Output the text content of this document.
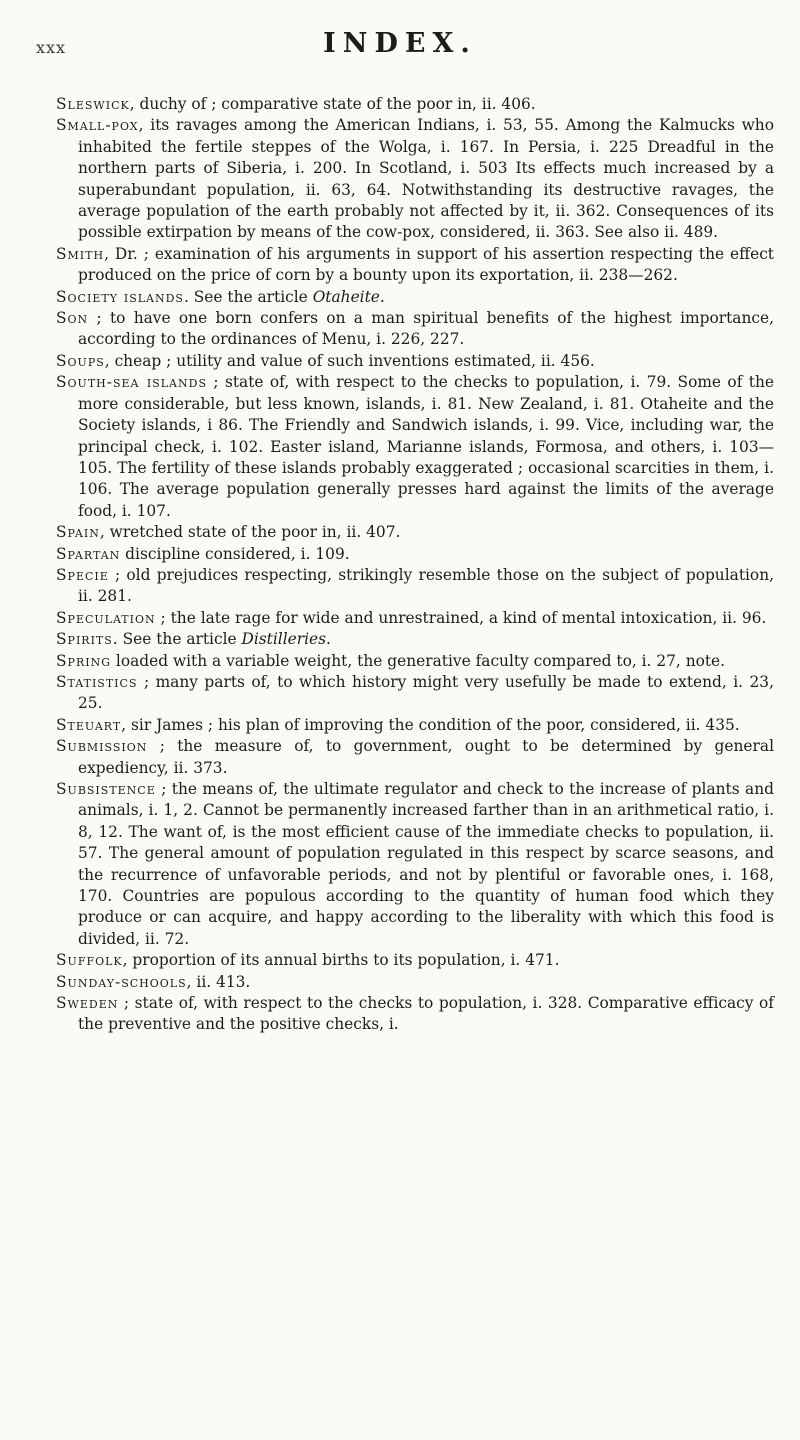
xxx	INDEX.

Sleswick, duchy of ; comparative state of the poor in, ii. 406.

Small-pox, its ravages among the American Indians, i. 53, 55. Among the Kalmucks who inhabited the fertile steppes of the Wolga, i. 167. In Persia, i. 225 Dreadful in the northern parts of Siberia, i. 200. In Scotland, i. 503 Its effects much increased by a superabundant population, ii. 63, 64. Notwithstanding its destructive ravages, the average population of the earth probably not affected by it, ii. 362. Consequences of its possible extirpation by means of the cow-pox, considered, ii. 363. See also ii. 489.

Smith, Dr. ; examination of his arguments in support of his assertion respecting the effect produced on the price of corn by a bounty upon its exportation, ii. 238—262.

Society islands. See the article Otaheite.

Son ; to have one born confers on a man spiritual benefits of the highest importance, according to the ordinances of Menu, i. 226, 227.

Soups, cheap ; utility and value of such inventions estimated, ii. 456.

South-sea islands ; state of, with respect to the checks to population, i. 79. Some of the more considerable, but less known, islands, i. 81. New Zealand, i. 81. Otaheite and the Society islands, i 86. The Friendly and Sandwich islands, i. 99. Vice, including war, the principal check, i. 102. Easter island, Marianne islands, Formosa, and others, i. 103—105. The fertility of these islands probably exaggerated ; occasional scarcities in them, i. 106. The average population generally presses hard against the limits of the average food, i. 107.

Spain, wretched state of the poor in, ii. 407.

Spartan discipline considered, i. 109.

Specie ; old prejudices respecting, strikingly resemble those on the subject of population, ii. 281.

Speculation ; the late rage for wide and unrestrained, a kind of mental intoxication, ii. 96.

Spirits. See the article Distilleries.

Spring loaded with a variable weight, the generative faculty compared to, i. 27, note.

Statistics ; many parts of, to which history might very usefully be made to extend, i. 23, 25.

Steuart, sir James ; his plan of improving the condition of the poor, considered, ii. 435.

Submission ; the measure of, to government, ought to be determined by general expediency, ii. 373.

Subsistence ; the means of, the ultimate regulator and check to the increase of plants and animals, i. 1, 2. Cannot be permanently increased farther than in an arithmetical ratio, i. 8, 12. The want of, is the most efficient cause of the immediate checks to population, ii. 57. The general amount of population regulated in this respect by scarce seasons, and the recurrence of unfavorable periods, and not by plentiful or favorable ones, i. 168, 170. Countries are populous according to the quantity of human food which they produce or can acquire, and happy according to the liberality with which this food is divided, ii. 72.

Suffolk, proportion of its annual births to its population, i. 471.

Sunday-schools, ii. 413.

Sweden ; state of, with respect to the checks to population, i. 328. Comparative efficacy of the preventive and the positive checks, i.
